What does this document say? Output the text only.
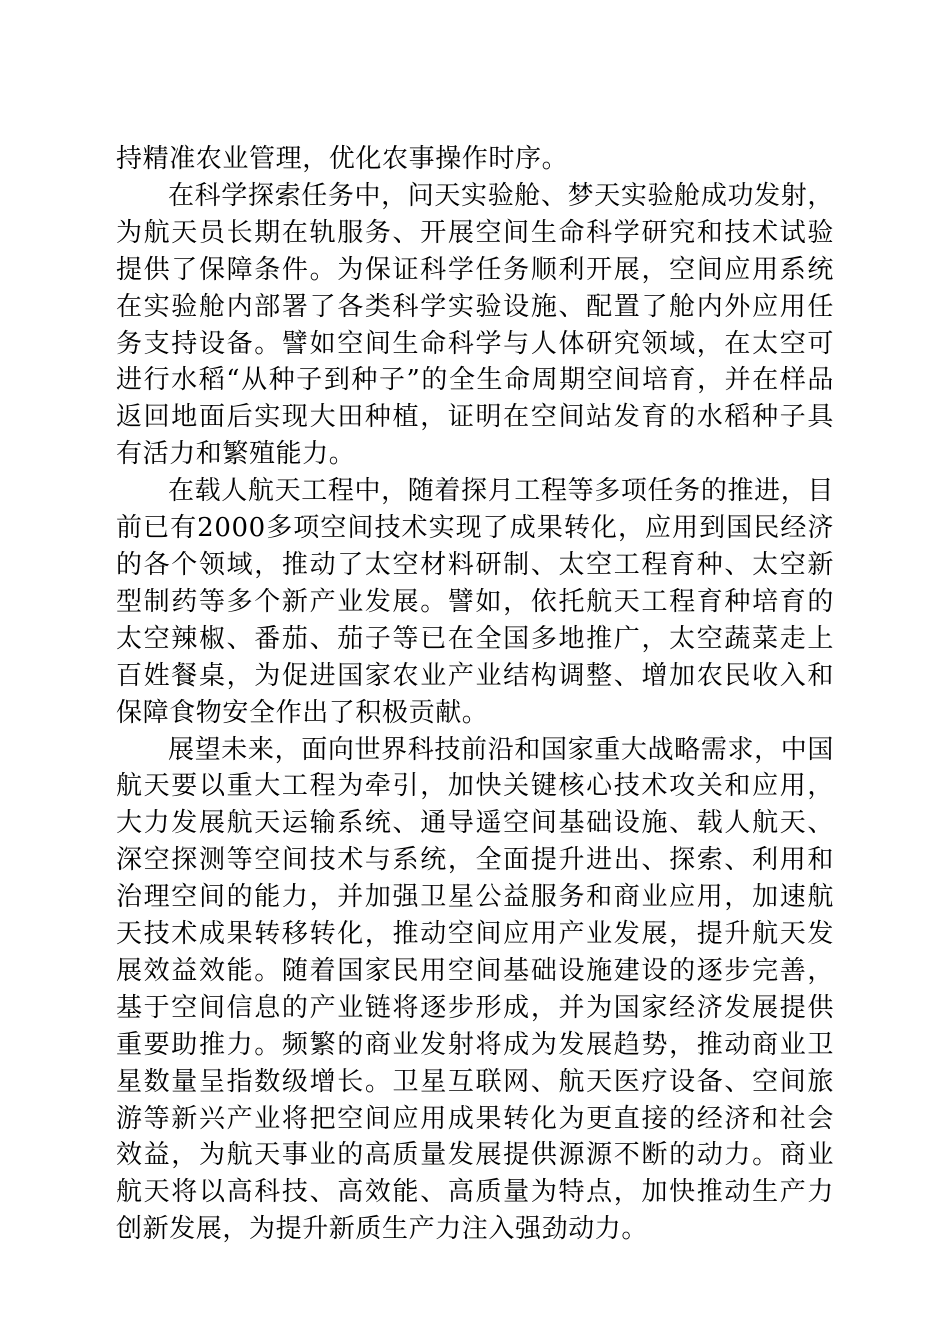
持精准农业管理，优化农事操作时序。

在科学探索任务中，问天实验舱、梦天实验舱成功发射，为航天员长期在轨服务、开展空间生命科学研究和技术试验提供了保障条件。为保证科学任务顺利开展，空间应用系统在实验舱内部署了各类科学实验设施、配置了舱内外应用任务支持设备。譬如空间生命科学与人体研究领域，在太空可进行水稻“从种子到种子”的全生命周期空间培育，并在样品返回地面后实现大田种植，证明在空间站发育的水稻种子具有活力和繁殖能力。

在载人航天工程中，随着探月工程等多项任务的推进，目前已有2000多项空间技术实现了成果转化，应用到国民经济的各个领域，推动了太空材料研制、太空工程育种、太空新型制药等多个新产业发展。譬如，依托航天工程育种培育的太空辣椒、番茄、茄子等已在全国多地推广，太空蔬菜走上百姓餐桌，为促进国家农业产业结构调整、增加农民收入和保障食物安全作出了积极贡献。

展望未来，面向世界科技前沿和国家重大战略需求，中国航天要以重大工程为牵引，加快关键核心技术攻关和应用，大力发展航天运输系统、通导遥空间基础设施、载人航天、深空探测等空间技术与系统，全面提升进出、探索、利用和治理空间的能力，并加强卫星公益服务和商业应用，加速航天技术成果转移转化，推动空间应用产业发展，提升航天发展效益效能。随着国家民用空间基础设施建设的逐步完善，基于空间信息的产业链将逐步形成，并为国家经济发展提供重要助推力。频繁的商业发射将成为发展趋势，推动商业卫星数量呈指数级增长。卫星互联网、航天医疗设备、空间旅游等新兴产业将把空间应用成果转化为更直接的经济和社会效益，为航天事业的高质量发展提供源源不断的动力。商业航天将以高科技、高效能、高质量为特点，加快推动生产力创新发展，为提升新质生产力注入强劲动力。
